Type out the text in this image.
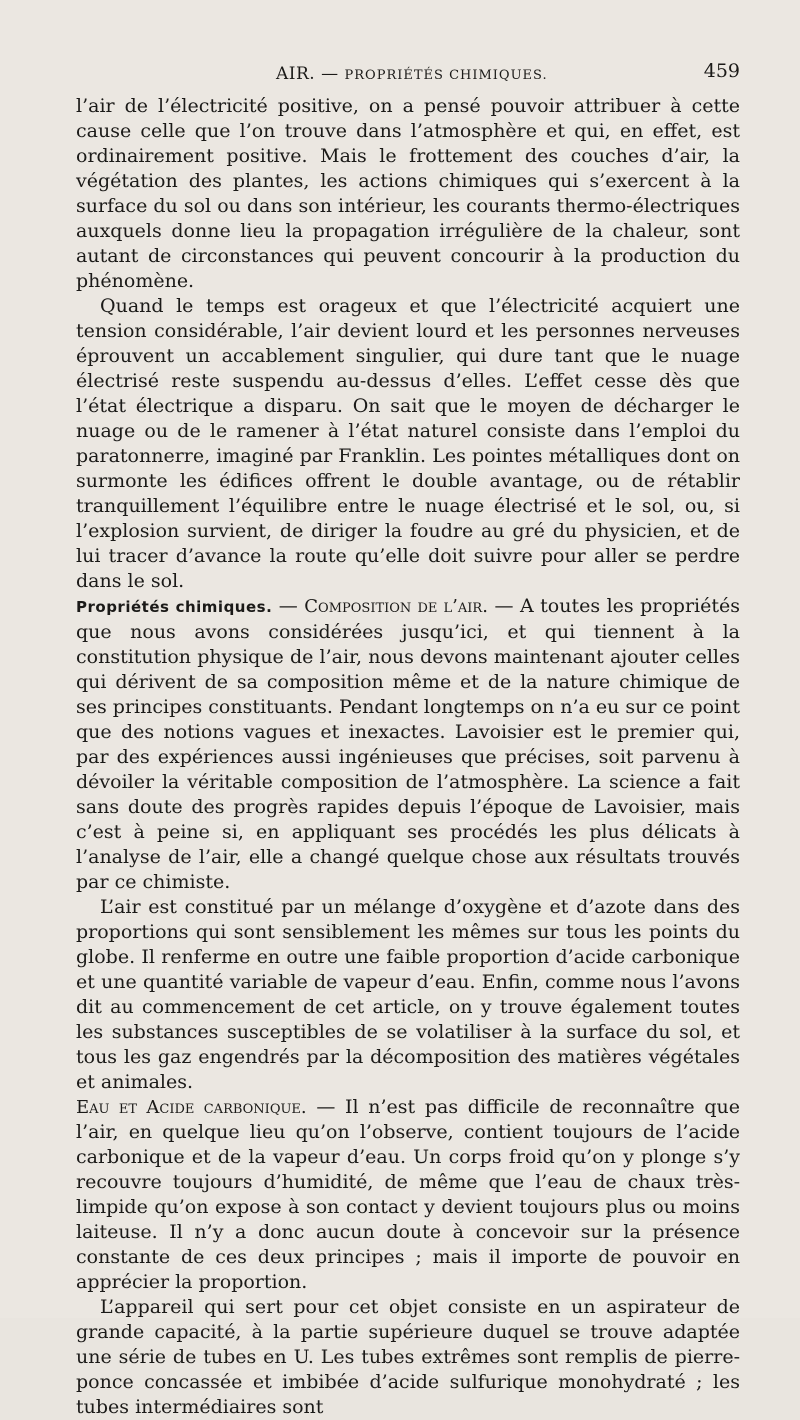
AIR. — PROPRIÉTÉS CHIMIQUES.	459

l’air de l’électricité positive, on a pensé pouvoir attribuer à cette cause celle que l’on trouve dans l’atmosphère et qui, en effet, est ordinairement positive. Mais le frottement des couches d’air, la végétation des plantes, les actions chimiques qui s’exercent à la surface du sol ou dans son intérieur, les courants thermo-électriques auxquels donne lieu la propagation irrégulière de la chaleur, sont autant de circonstances qui peuvent concourir à la production du phénomène.

Quand le temps est orageux et que l’électricité acquiert une tension considérable, l’air devient lourd et les personnes nerveuses éprouvent un accablement singulier, qui dure tant que le nuage électrisé reste suspendu au-dessus d’elles. L’effet cesse dès que l’état électrique a disparu. On sait que le moyen de décharger le nuage ou de le ramener à l’état naturel consiste dans l’emploi du paratonnerre, imaginé par Franklin. Les pointes métalliques dont on surmonte les édifices offrent le double avantage, ou de rétablir tranquillement l’équilibre entre le nuage électrisé et le sol, ou, si l’explosion survient, de diriger la foudre au gré du physicien, et de lui tracer d’avance la route qu’elle doit suivre pour aller se perdre dans le sol.

Propriétés chimiques. — Composition de l’air. — A toutes les propriétés que nous avons considérées jusqu’ici, et qui tiennent à la constitution physique de l’air, nous devons maintenant ajouter celles qui dérivent de sa composition même et de la nature chimique de ses principes constituants. Pendant longtemps on n’a eu sur ce point que des notions vagues et inexactes. Lavoisier est le premier qui, par des expériences aussi ingénieuses que précises, soit parvenu à dévoiler la véritable composition de l’atmosphère. La science a fait sans doute des progrès rapides depuis l’époque de Lavoisier, mais c’est à peine si, en appliquant ses procédés les plus délicats à l’analyse de l’air, elle a changé quelque chose aux résultats trouvés par ce chimiste.

L’air est constitué par un mélange d’oxygène et d’azote dans des proportions qui sont sensiblement les mêmes sur tous les points du globe. Il renferme en outre une faible proportion d’acide carbonique et une quantité variable de vapeur d’eau. Enfin, comme nous l’avons dit au commencement de cet article, on y trouve également toutes les substances susceptibles de se volatiliser à la surface du sol, et tous les gaz engendrés par la décomposition des matières végétales et animales.

Eau et Acide carbonique. — Il n’est pas difficile de reconnaître que l’air, en quelque lieu qu’on l’observe, contient toujours de l’acide carbonique et de la vapeur d’eau. Un corps froid qu’on y plonge s’y recouvre toujours d’humidité, de même que l’eau de chaux très-limpide qu’on expose à son contact y devient toujours plus ou moins laiteuse. Il n’y a donc aucun doute à concevoir sur la présence constante de ces deux principes ; mais il importe de pouvoir en apprécier la proportion.

L’appareil qui sert pour cet objet consiste en un aspirateur de grande capacité, à la partie supérieure duquel se trouve adaptée une série de tubes en U. Les tubes extrêmes sont remplis de pierre-ponce concassée et imbibée d’acide sulfurique monohydraté ; les tubes intermédiaires sont
